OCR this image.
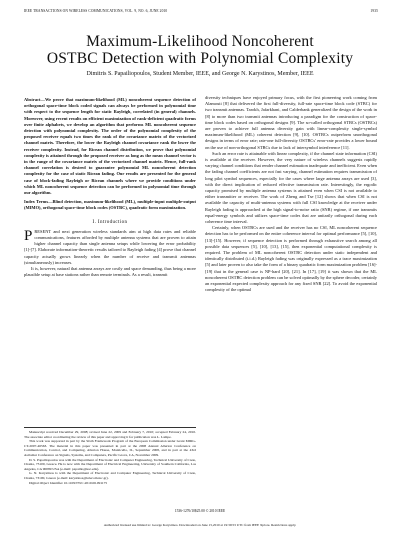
IEEE TRANSACTIONS ON WIRELESS COMMUNICATIONS, VOL. 9, NO. 6, JUNE 2010	1935
Maximum-Likelihood Noncoherent
OSTBC Detection with Polynomial Complexity
Dimitris S. Papailiopoulos, Student Member, IEEE, and George N. Karystinos, Member, IEEE
Abstract—We prove that maximum-likelihood (ML) noncoherent sequence detection of orthogonal space-time block coded signals can always be performed in polynomial time with respect to the sequence length for static Rayleigh, correlated (in general) channels. Moreover, using recent results on efficient maximization of rank-deficient quadratic forms over finite alphabets, we develop an algorithm that performs ML noncoherent sequence detection with polynomial complexity. The order of the polynomial complexity of the proposed receiver equals two times the rank of the covariance matrix of the vectorized channel matrix. Therefore, the lower the Rayleigh channel covariance rank the lower the receiver complexity. Instead, for Ricean channel distribution, we prove that polynomial complexity is attained through the proposed receiver as long as the mean channel vector is in the range of the covariance matrix of the vectorized channel matrix. Hence, full-rank channel correlation is desired to guarantee polynomial ML noncoherent detection complexity for the case of static Ricean fading. Our results are presented for the general case of block-fading Rayleigh or Ricean channels where we provide conditions under which ML noncoherent sequence detection can be performed in polynomial time through our algorithm.
Index Terms—Blind detection, maximum-likelihood (ML), multiple-input multiple-output (MIMO), orthogonal space-time block codes (OSTBC), quadratic form maximization.
I. Introduction

PRESENT and next generation wireless standards aim at high data rates and reliable communications, features afforded by multiple antenna systems that are proven to attain higher channel capacity than single antenna setups while lowering the error probability [1]-[7]. Elaborate information-theoretic results tailored to Rayleigh fading [4] prove that channel capacity actually grows linearly when the number of receive and transmit antennas (simultaneously) increases.

It is, however, natural that antenna arrays are costly and space demanding, thus being a more plausible setup at base stations rather than remote terminals. As a result, transmit

Manuscript received December 29, 2008; revised June 22, 2009 and February 7, 2010; accepted February 24, 2010. The associate editor coordinating the review of this paper and approving it for publication was L. Lampe.

This work was supported in part by the Sixth Framework Program of the European Commission under Grant MIRG-CT-2007-46563. The material in this paper was presented in part at the 2008 Annual Allerton Conference on Communication, Control, and Computing, Allerton House, Monticello, IL, September 2008, and in part at the 43rd Asilomar Conference on Signals, Systems, and Computers, Pacific Grove, CA, November 2009.

D. S. Papailiopoulos was with the Department of Electronic and Computer Engineering, Technical University of Crete, Chania, 73100, Greece. He is now with the Department of Electrical Engineering, University of Southern California, Los Angeles, CA 90089 USA (e-mail: papailio@usc.edu).

G. N. Karystinos is with the Department of Electronic and Computer Engineering, Technical University of Crete, Chania, 73100, Greece (e-mail: karystinos@telecom.tuc.gr).

Digital Object Identifier 10.1109/TWC.2010.06.091175

diversity techniques have enjoyed primary focus, with the first pioneering work coming from Alamouti [8] that delivered the first full-diversity, full-rate space-time block code (STBC) for two transmit antennas. Tarokh, Jafarkhani, and Calderbank generalized the design of the work in [8] to more than two transmit antennas introducing a paradigm for the construction of space-time block codes based on orthogonal designs [9]. The so-called orthogonal STBCs (OSTBCs) are proven to achieve full antenna diversity gain with linear-complexity single-symbol maximum-likelihood (ML) coherent detection [9], [10]. OSTBCs outperform unorthogonal designs in terms of error rate; rate-one full-diversity OSTBCs' error-rate provides a lower bound on the use of non-orthogonal STBCs due to lack of intersymbol interference [11].

Such an error rate is attainable with linear complexity, if the channel state information (CSI) is available at the receiver. However, the very nature of wireless channels suggests rapidly varying channel conditions that render channel estimation inadequate and inefficient. Even when the fading channel coefficients are not fast varying, channel estimation requires transmission of long pilot symbol sequences, especially for the cases where large antenna arrays are used [3], with the direct implication of reduced effective transmission rate. Interestingly, the ergodic capacity promised by multiple antenna systems is attained even when CSI is not available to either transmitter or receiver. The work of Zheng and Tse [12] shows that when CSI is not available the capacity of multi-antenna systems with full CSI knowledge at the receiver under Rayleigh fading is approached at the high signal-to-noise ratio (SNR) regime, if one transmits equal-energy symbols and utilizes space-time codes that are unitarily orthogonal during each coherence time interval.

Certainly, when OSTBCs are used and the receiver has no CSI, ML noncoherent sequence detection has to be performed on the entire coherence interval for optimal performance [5], [10], [13]-[15]. However, if sequence detection is performed through exhaustive search among all possible data sequences [5], [10], [13], [15], then exponential computational complexity is required. The problem of ML noncoherent OSTBC detection under static independent and identically distributed (i.i.d.) Rayleigh fading was originally expressed as a trace maximization [5] and later proven to also take the form of a binary quadratic form maximization problem [16]-[19] that in the general case is NP-hard [20], [21]. In [17], [19] it was shown that the ML noncoherent OSTBC detection problem can be solved optimally by the sphere decoder, certainly an exponential expected complexity approach for any fixed SNR [22]. To avoid the exponential complexity of the optimal

1536-1276/10$25.00 © 2010 IEEE
Authorized licensed use limited to: George Karystinos. Downloaded on June 15,2010 at 19:39:53 UTC from IEEE Xplore. Restrictions apply.
